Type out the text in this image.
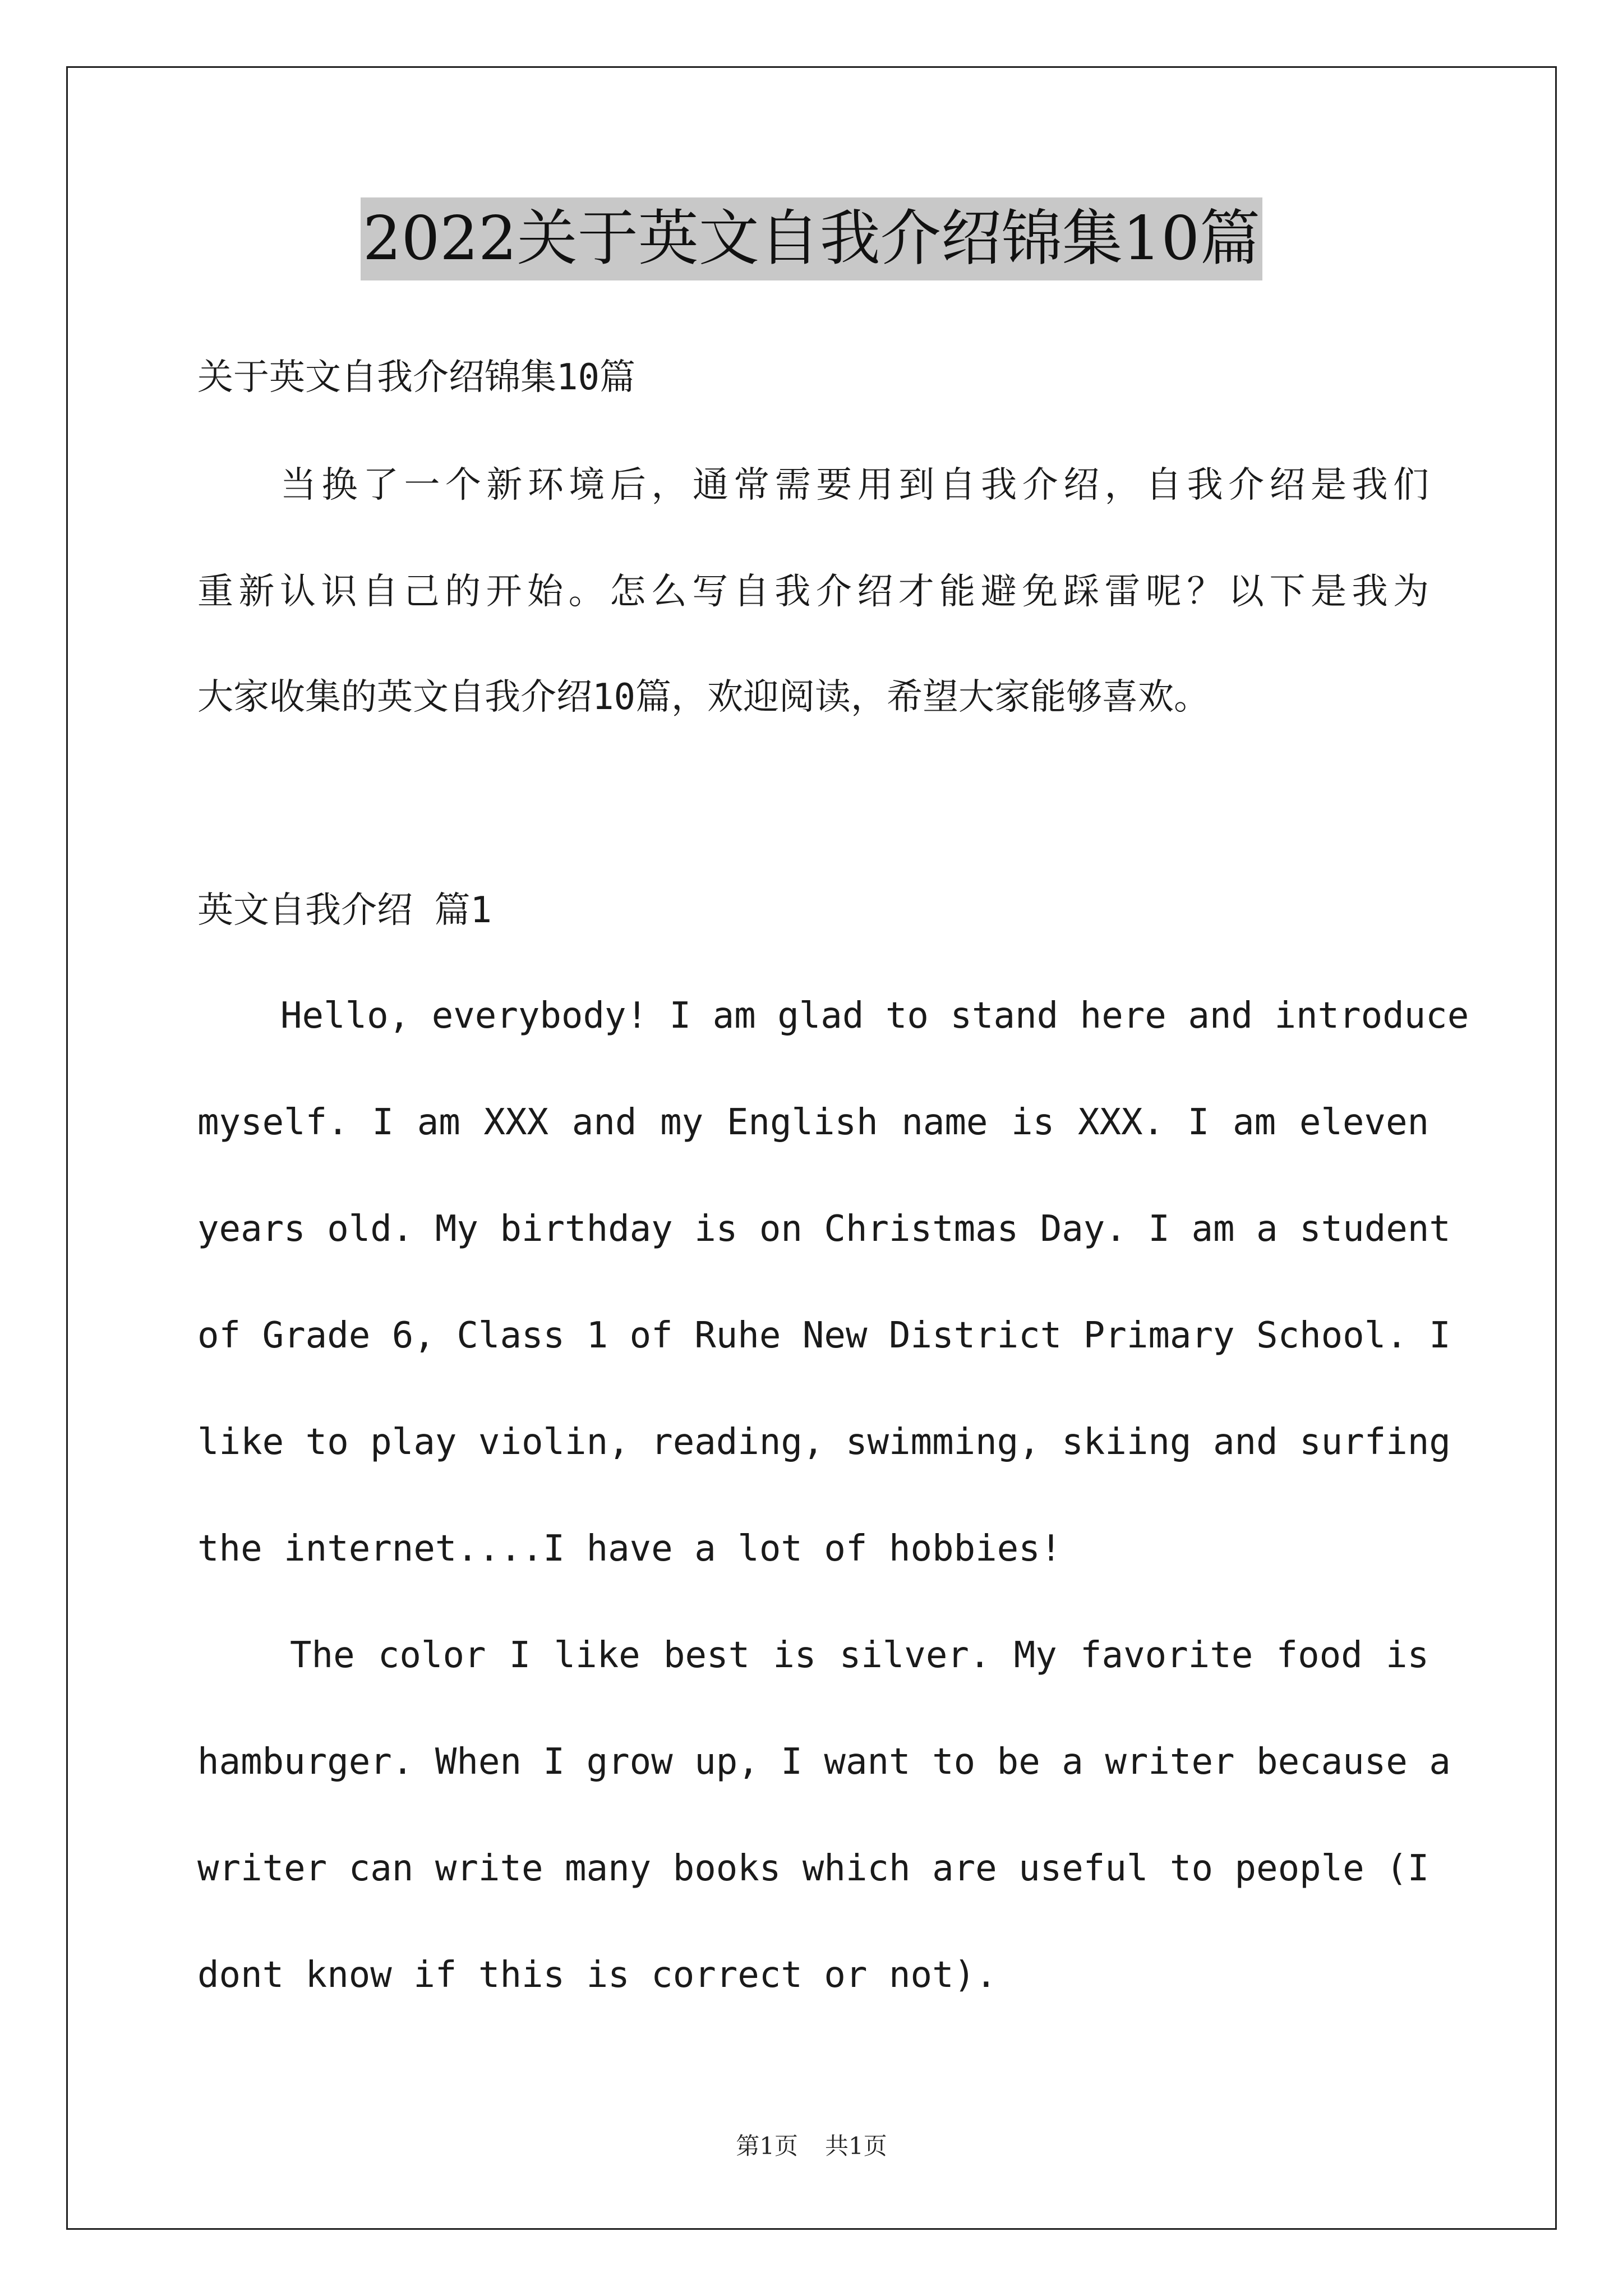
2022关于英文自我介绍锦集10篇
关于英文自我介绍锦集10篇
当换了一个新环境后，通常需要用到自我介绍，自我介绍是我们
重新认识自己的开始。怎么写自我介绍才能避免踩雷呢？以下是我为
大家收集的英文自我介绍10篇，欢迎阅读，希望大家能够喜欢。
英文自我介绍 篇1
Hello, everybody! I am glad to stand here and introduce
myself. I am XXX and my English name is XXX. I am eleven
years old. My birthday is on Christmas Day. I am a student
of Grade 6, Class 1 of Ruhe New District Primary School. I
like to play violin, reading, swimming, skiing and surfing
the internet....I have a lot of hobbies!
The color I like best is silver. My favorite food is
hamburger. When I grow up, I want to be a writer because a
writer can write many books which are useful to people (I
dont know if this is correct or not).
第1页 共1页
